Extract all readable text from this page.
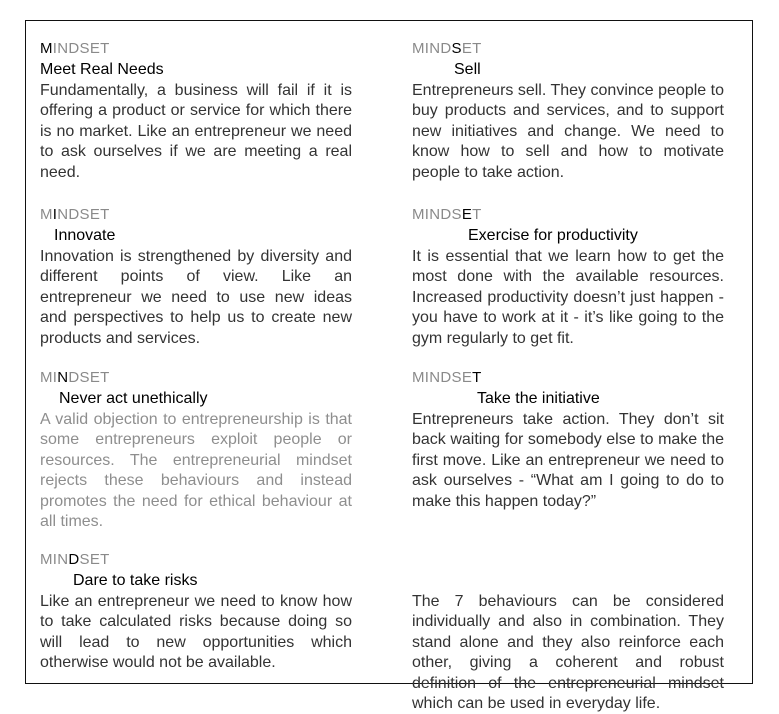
MINDSET
Meet Real Needs

Fundamentally, a business will fail if it is offering a product or service for which there is no market. Like an entrepreneur we need to ask ourselves if we are meeting a real need.

MINDSET
Innovate

Innovation is strengthened by diversity and different points of view. Like an entrepreneur we need to use new ideas and perspectives to help us to create new products and services.

MINDSET
Never act unethically

A valid objection to entrepreneurship is that some entrepreneurs exploit people or resources. The entrepreneurial mindset rejects these behaviours and instead promotes the need for ethical behaviour at all times.

MINDSET
Dare to take risks

Like an entrepreneur we need to know how to take calculated risks because doing so will lead to new opportunities which otherwise would not be available.

MINDSET
Sell

Entrepreneurs sell. They convince people to buy products and services, and to support new initiatives and change. We need to know how to sell and how to motivate people to take action.

MINDSET
Exercise for productivity

It is essential that we learn how to get the most done with the available resources. Increased productivity doesn’t just happen - you have to work at it - it’s like going to the gym regularly to get fit.

MINDSET
Take the initiative

Entrepreneurs take action. They don’t sit back waiting for somebody else to make the first move. Like an entrepreneur we need to ask ourselves - “What am I going to do to make this happen today?”

The 7 behaviours can be considered individually and also in combination. They stand alone and they also reinforce each other, giving a coherent and robust definition of the entrepreneurial mindset which can be used in everyday life.
